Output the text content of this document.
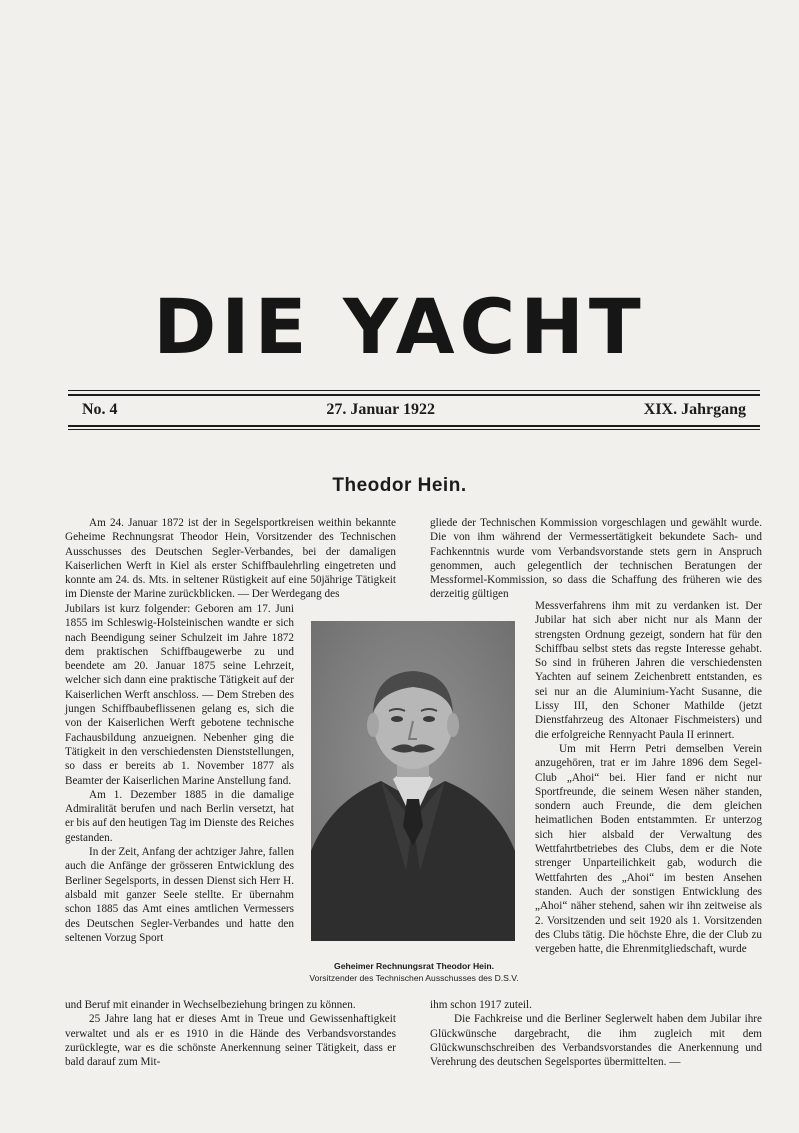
DIE YACHT
No. 4	27. Januar 1922	XIX. Jahrgang
Theodor Hein.

Am 24. Januar 1872 ist der in Segelsportkreisen weithin bekannte Geheime Rechnungsrat Theodor Hein, Vorsitzender des Technischen Ausschusses des Deutschen Segler-Verbandes, bei der damaligen Kaiserlichen Werft in Kiel als erster Schiffbaulehrling eingetreten und konnte am 24. ds. Mts. in seltener Rüstigkeit auf eine 50jährige Tätigkeit im Dienste der Marine zurückblicken. — Der Werdegang des

Jubilars ist kurz folgender: Geboren am 17. Juni 1855 im Schleswig-Holsteinischen wandte er sich nach Beendigung seiner Schulzeit im Jahre 1872 dem praktischen Schiffbaugewerbe zu und beendete am 20. Januar 1875 seine Lehrzeit, welcher sich dann eine praktische Tätigkeit auf der Kaiserlichen Werft anschloss. — Dem Streben des jungen Schiffbaubeflissenen gelang es, sich die von der Kaiserlichen Werft gebotene technische Fachausbildung anzueignen. Nebenher ging die Tätigkeit in den verschiedensten Dienststellungen, so dass er bereits ab 1. November 1877 als Beamter der Kaiserlichen Marine Anstellung fand.

Am 1. Dezember 1885 in die damalige Admiralität berufen und nach Berlin versetzt, hat er bis auf den heutigen Tag im Dienste des Reiches gestanden.

In der Zeit, Anfang der achtziger Jahre, fallen auch die Anfänge der grösseren Entwicklung des Berliner Segelsports, in dessen Dienst sich Herr H. alsbald mit ganzer Seele stellte. Er übernahm schon 1885 das Amt eines amtlichen Vermessers des Deutschen Segler-Verbandes und hatte den seltenen Vorzug Sport

und Beruf mit einander in Wechselbeziehung bringen zu können.

25 Jahre lang hat er dieses Amt in Treue und Gewissenhaftigkeit verwaltet und als er es 1910 in die Hände des Verbandsvorstandes zurücklegte, war es die schönste Anerkennung seiner Tätigkeit, dass er bald darauf zum Mit-

gliede der Technischen Kommission vorgeschlagen und gewählt wurde. Die von ihm während der Vermessertätigkeit bekundete Sach- und Fachkenntnis wurde vom Verbandsvorstande stets gern in Anspruch genommen, auch gelegentlich der technischen Beratungen der Messformel-Kommission, so dass die Schaffung des früheren wie des derzeitig gültigen

Messverfahrens ihm mit zu verdanken ist. Der Jubilar hat sich aber nicht nur als Mann der strengsten Ordnung gezeigt, sondern hat für den Schiffbau selbst stets das regste Interesse gehabt. So sind in früheren Jahren die verschiedensten Yachten auf seinem Zeichenbrett entstanden, es sei nur an die Aluminium-Yacht Susanne, die Lissy III, den Schoner Mathilde (jetzt Dienstfahrzeug des Altonaer Fischmeisters) und die erfolgreiche Rennyacht Paula II erinnert.

Um mit Herrn Petri demselben Verein anzugehören, trat er im Jahre 1896 dem Segel-Club „Ahoi“ bei. Hier fand er nicht nur Sportfreunde, die seinem Wesen näher standen, sondern auch Freunde, die dem gleichen heimatlichen Boden entstammten. Er unterzog sich hier alsbald der Verwaltung des Wettfahrtbetriebes des Clubs, dem er die Note strenger Unparteilichkeit gab, wodurch die Wettfahrten des „Ahoi“ im besten Ansehen standen. Auch der sonstigen Entwicklung des „Ahoi“ näher stehend, sahen wir ihn zeitweise als 2. Vorsitzenden und seit 1920 als 1. Vorsitzenden des Clubs tätig. Die höchste Ehre, die der Club zu vergeben hatte, die Ehrenmitgliedschaft, wurde

ihm schon 1917 zuteil.

Die Fachkreise und die Berliner Seglerwelt haben dem Jubilar ihre Glückwünsche dargebracht, die ihm zugleich mit dem Glückwunschschreiben des Verbandsvorstandes die Anerkennung und Verehrung des deutschen Segelsportes übermittelten. —

Geheimer Rechnungsrat Theodor Hein.
Vorsitzender des Technischen Ausschusses des D.S.V.
